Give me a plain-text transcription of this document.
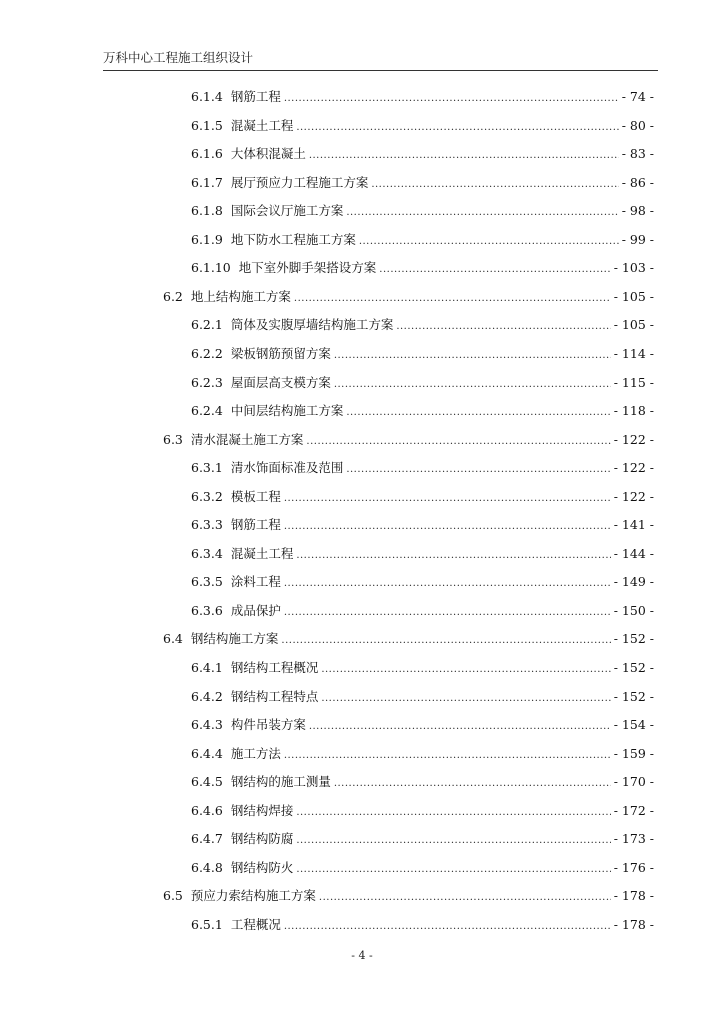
万科中心工程施工组织设计
6.1.4 钢筋工程 .....	- 74 -
6.1.5 混凝土工程 .....	- 80 -
6.1.6 大体积混凝土 .....	- 83 -
6.1.7 展厅预应力工程施工方案 .....	- 86 -
6.1.8 国际会议厅施工方案 .....	- 98 -
6.1.9 地下防水工程施工方案 .....	- 99 -
6.1.10 地下室外脚手架搭设方案 .....	- 103 -
6.2 地上结构施工方案 .....	- 105 -
6.2.1 筒体及实腹厚墙结构施工方案 .....	- 105 -
6.2.2 梁板钢筋预留方案 .....	- 114 -
6.2.3 屋面层高支模方案 .....	- 115 -
6.2.4 中间层结构施工方案 .....	- 118 -
6.3 清水混凝土施工方案 .....	- 122 -
6.3.1 清水饰面标准及范围 .....	- 122 -
6.3.2 模板工程 .....	- 122 -
6.3.3 钢筋工程 .....	- 141 -
6.3.4 混凝土工程 .....	- 144 -
6.3.5 涂料工程 .....	- 149 -
6.3.6 成品保护 .....	- 150 -
6.4 钢结构施工方案 .....	- 152 -
6.4.1 钢结构工程概况 .....	- 152 -
6.4.2 钢结构工程特点 .....	- 152 -
6.4.3 构件吊装方案 .....	- 154 -
6.4.4 施工方法 .....	- 159 -
6.4.5 钢结构的施工测量 .....	- 170 -
6.4.6 钢结构焊接 .....	- 172 -
6.4.7 钢结构防腐 .....	- 173 -
6.4.8 钢结构防火 .....	- 176 -
6.5 预应力索结构施工方案 .....	- 178 -
6.5.1 工程概况 .....	- 178 -
- 4 -
